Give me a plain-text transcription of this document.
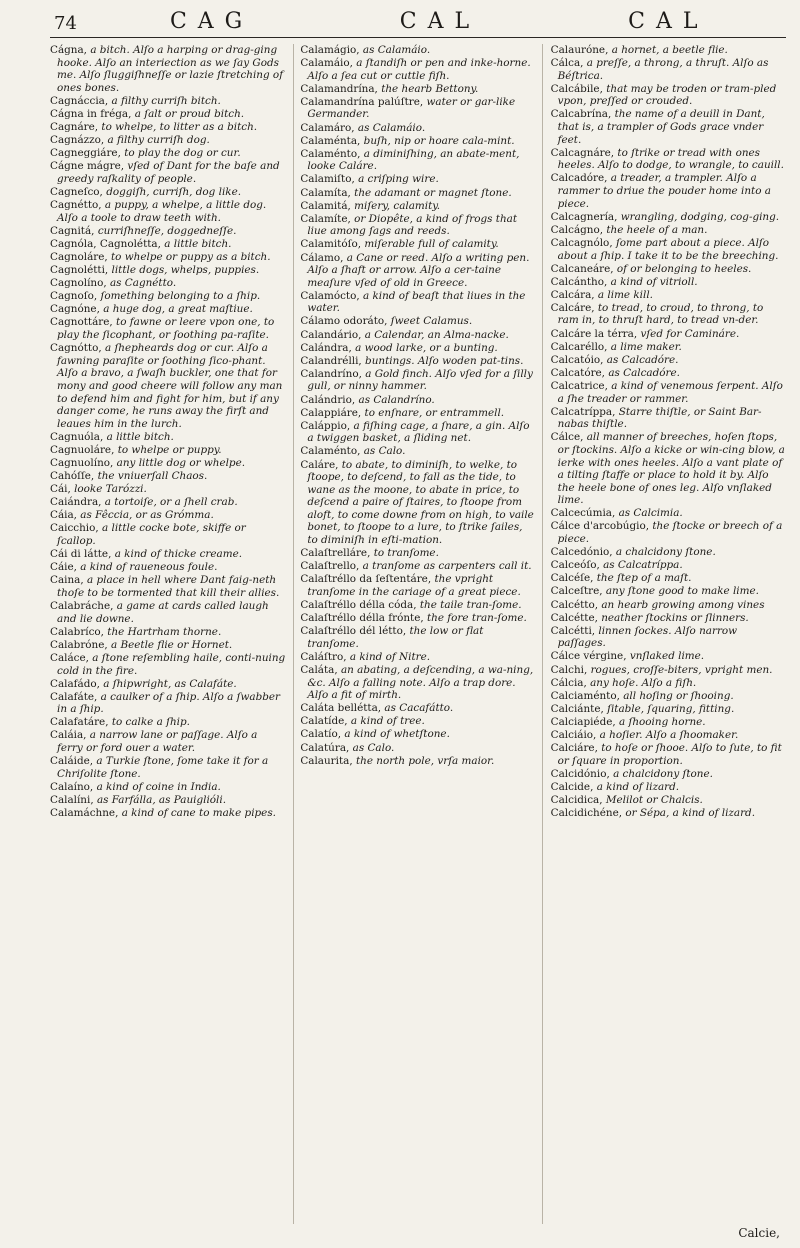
74	C A G	C A L	C A L

Cágna, a bitch. Alſo a harping or drag-ging hooke. Alſo an interiection as we ſay Gods me. Alſo ſluggiſhneſſe or lazie ſtretching of ones bones.

Cagnáccia, a filthy curriſh bitch.

Cágna in fréga, a ſalt or proud bitch.

Cagnáre, to whelpe, to litter as a bitch.

Cagnázzo, a filthy curriſh dog.

Cagneggiáre, to play the dog or cur.

Cágne mágre, vſed of Dant for the baſe and greedy raſkality of people.

Cagneſco, doggiſh, curriſh, dog like.

Cagnétto, a puppy, a whelpe, a little dog. Alſo a toole to draw teeth with.

Cagnitá, curriſhneſſe, doggedneſſe.

Cagnóla, Cagnolétta, a little bitch.

Cagnoláre, to whelpe or puppy as a bitch.

Cagnolétti, little dogs, whelps, puppies.

Cagnolíno, as Cagnétto.

Cagnoſo, ſomething belonging to a ſhip.

Cagnóne, a huge dog, a great maſtiue.

Cagnottáre, to fawne or leere vpon one, to play the ſicophant, or ſoothing pa-raſite.

Cagnótto, a ſhepheards dog or cur. Alſo a fawning paraſite or ſoothing ſico-phant. Alſo a bravo, a ſwaſh buckler, one that for mony and good cheere will follow any man to defend him and fight for him, but if any danger come, he runs away the firſt and leaues him in the lurch.

Cagnuóla, a little bitch.

Cagnuoláre, to whelpe or puppy.

Cagnuolíno, any little dog or whelpe.

Cahóſſe, the vniuerſall Chaos.

Cái, looke Tarózzi.

Caiándra, a tortoiſe, or a ſhell crab.

Cáia, as Fêccia, or as Grómma.

Caicchio, a little cocke bote, skiffe or ſcallop.

Cái di látte, a kind of thicke creame.

Cáie, a kind of raueneous foule.

Caina, a place in hell where Dant faig-neth thoſe to be tormented that kill their allies.

Calabráche, a game at cards called laugh and lie downe.

Calabríco, the Hartrham thorne.

Calabróne, a Beetle flie or Hornet.

Caláce, a ſtone reſembling haile, conti-nuing cold in the fire.

Calafádo, a ſhipwright, as Calafáte.

Calafáte, a caulker of a ſhip. Alſo a ſwabber in a ſhip.

Calafatáre, to calke a ſhip.

Caláia, a narrow lane or paſſage. Alſo a ferry or ford ouer a water.

Caláide, a Turkie ſtone, ſome take it for a Chriſolite ſtone.

Calaíno, a kind of coine in India.

Calalíni, as Farfálla, as Pauiglióli.

Calamáchne, a kind of cane to make pipes.

Calamágio, as Calamáio.

Calamáio, a ſtandiſh or pen and inke-horne. Alſo a ſea cut or cuttle fiſh.

Calamandrína, the hearb Bettony.

Calamandrína palúſtre, water or gar-like Germander.

Calamáro, as Calamáio.

Calaménta, buſh, nip or hoare cala-mint.

Calaménto, a diminiſhing, an abate-ment, looke Caláre.

Calamiſto, a criſping wire.

Calamíta, the adamant or magnet ſtone.

Calamitá, miſery, calamity.

Calamíte, or Diopête, a kind of frogs that liue among ſags and reeds.

Calamitóſo, miſerable full of calamity.

Cálamo, a Cane or reed. Alſo a writing pen. Alſo a ſhaft or arrow. Alſo a cer-taine meaſure vſed of old in Greece.

Calamócto, a kind of beaſt that liues in the water.

Cálamo odoráto, ſweet Calamus.

Calandário, a Calendar, an Alma-nacke.

Calándra, a wood larke, or a bunting.

Calandrélli, buntings. Alſo woden pat-tins.

Calandríno, a Gold finch. Alſo vſed for a ſilly gull, or ninny hammer.

Calándrio, as Calandríno.

Calappiáre, to enſnare, or entrammell.

Caláppio, a fiſhing cage, a ſnare, a gin. Alſo a twiggen basket, a ſliding net.

Calaménto, as Calo.

Caláre, to abate, to diminiſh, to welke, to ſtoope, to deſcend, to fall as the tide, to wane as the moone, to abate in price, to deſcend a paire of ſtaires, to ſtoope from aloft, to come downe from on high, to vaile bonet, to ſtoope to a lure, to ſtrike ſailes, to diminiſh in eſti-mation.

Calaſtrelláre, to tranſome.

Calaſtrello, a tranſome as carpenters call it.

Calaſtréllo da ſeſtentáre, the vpright tranſome in the cariage of a great piece.

Calaſtréllo délla códa, the taile tran-ſome.

Calaſtréllo délla frónte, the fore tran-ſome.

Calaſtréllo dél létto, the low or flat tranſome.

Caláſtro, a kind of Nitre.

Caláta, an abating, a deſcending, a wa-ning, &c. Alſo a falling note. Alſo a trap dore. Alſo a fit of mirth.

Caláta bellétta, as Cacafátto.

Calatíde, a kind of tree.

Calatío, a kind of whetſtone.

Calatúra, as Calo.

Calaurita, the north pole, vrſa maior.

Calauróne, a hornet, a beetle flie.

Cálca, a preſſe, a throng, a thruſt. Alſo as Béſtrica.

Calcábile, that may be troden or tram-pled vpon, preſſed or crouded.

Calcabrína, the name of a deuill in Dant, that is, a trampler of Gods grace vnder feet.

Calcagnáre, to ſtrike or tread with ones heeles. Alſo to dodge, to wrangle, to cauill.

Calcadóre, a treader, a trampler. Alſo a rammer to driue the pouder home into a piece.

Calcagnería, wrangling, dodging, cog-ging.

Calcágno, the heele of a man.

Calcagnólo, ſome part about a piece. Alſo about a ſhip. I take it to be the breeching.

Calcaneáre, of or belonging to heeles.

Calcántho, a kind of vitrioll.

Calcára, a lime kill.

Calcáre, to tread, to croud, to throng, to ram in, to thruſt hard, to tread vn-der.

Calcáre la térra, vſed for Camináre.

Calcaréllo, a lime maker.

Calcatóio, as Calcadóre.

Calcatóre, as Calcadóre.

Calcatrice, a kind of venemous ſerpent. Alſo a ſhe treader or rammer.

Calcatríppa, Starre thiſtle, or Saint Bar-nabas thiſtle.

Cálce, all manner of breeches, hoſen ſtops, or ſtockins. Alſo a kicke or win-cing blow, a ierke with ones heeles. Alſo a vant plate of a tilting ſtaffe or place to hold it by. Alſo the heele bone of ones leg. Alſo vnſlaked lime.

Calcecúmia, as Calcimia.

Cálce d'arcobúgio, the ſtocke or breech of a piece.

Calcedónio, a chalcidony ſtone.

Calceóſo, as Calcatríppa.

Calcéſe, the ſtep of a maſt.

Calceſtre, any ſtone good to make lime.

Calcétto, an hearb growing among vines

Calcétte, neather ſtockins or ſlinners.

Calcétti, linnen ſockes. Alſo narrow paſſages.

Cálce vérgine, vnſlaked lime.

Calchi, rogues, croſſe-biters, vpright men.

Cálcia, any hoſe. Alſo a fiſh.

Calciaménto, all hoſing or ſhooing.

Calciánte, ſitable, ſquaring, fitting.

Calciapiéde, a ſhooing horne.

Calciáio, a hoſier. Alſo a ſhoomaker.

Calciáre, to hoſe or ſhooe. Alſo to ſute, to fit or ſquare in proportion.

Calcidónio, a chalcidony ſtone.

Calcide, a kind of lizard.

Calcidica, Melilot or Chalcis.

Calcidichéne, or Sépa, a kind of lizard.

Calcie,
